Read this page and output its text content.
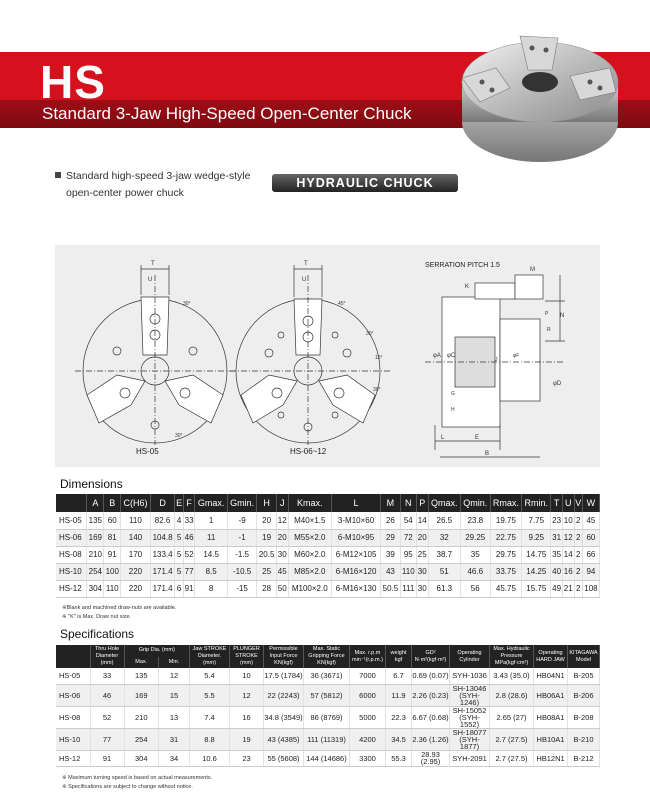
HS
Standard 3-Jaw High-Speed Open-Center Chuck
Standard high-speed 3-jaw wedge-style
open-center power chuck
HYDRAULIC CHUCK
T
U
30°
30°
T
U
45°
30°
15°
30°
K
M
N
P
R
J
G
H
L	E
B
φA φC
φD
φF
SERRATION PITCH 1.5
HS-05	HS-06~12
Dimensions
	A	B	C(H6)	D	E	F	Gmax.	Gmin.	H	J	Kmax.	L	M	N	P	Qmax.	Qmin.	Rmax.	Rmin.	T	U	V	W
HS-05	135	60	110	82.6	4	33	1	-9	20	12	M40×1.5	3-M10×60	26	54	14	26.5	23.8	19.75	7.75	23	10	2	45
HS-06	169	81	140	104.8	5	46	11	-1	19	20	M55×2.0	6-M10×95	29	72	20	32	29.25	22.75	9.25	31	12	2	60
HS-08	210	91	170	133.4	5	52	14.5	-1.5	20.5	30	M60×2.0	6-M12×105	39	95	25	38.7	35	29.75	14.75	35	14	2	66
HS-10	254	100	220	171.4	5	77	8.5	-10.5	25	45	M85×2.0	6-M16×120	43	110	30	51	46.6	33.75	14.25	40	16	2	94
HS-12	304	110	220	171.4	6	91	8	-15	28	50	M100×2.0	6-M16×130	50.5	111	30	61.3	56	45.75	15.75	49	21	2	108
※Blank and machined draw-nuts are available.
※ "K" is Max. Draw nut size.
Specifications
	Thru Hole Diameter (mm)	Grip Dia. (mm)		Jaw STROKE Diameter. (mm)	PLUNGER STROKE (mm)	Permissible Input Force KN(kgf)	Max. Static Gripping Force KN(kgf)	Max. r.p.m min⁻¹(r.p.m.)	weight kgf	GD² N·m²(kgf·m²)	Operating Cylinder	Max. Hydraulic Pressure MPa(kgf·cm²)	Operating HARD JAW	KITAGAWA Model
		Max.	Min.											
HS-05	33	135	12	5.4	10	17.5 (1784)	36 (3671)	7000	6.7	0.69 (0.07)	SYH-1036	3.43 (35.0)	HB04N1	B-205
HS-06	46	169	15	5.5	12	22 (2243)	57 (5812)	6000	11.9	2.26 (0.23)	SH-13046 (SYH-1246)	2.8 (28.6)	HB06A1	B-206
HS-08	52	210	13	7.4	16	34.8 (3549)	86 (8769)	5000	22.3	6.67 (0.68)	SH-15052 (SYH-1552)	2.65 (27)	HB08A1	B-208
HS-10	77	254	31	8.8	19	43 (4385)	111 (11319)	4200	34.5	2.36 (1.26)	SH-18077 (SYH-1877)	2.7 (27.5)	HB10A1	B-210
HS-12	91	304	34	10.6	23	55 (5608)	144 (14686)	3300	55.3	28.93 (2.95)	SYH-2091	2.7 (27.5)	HB12N1	B-212
※ Maximum turning speed is based on actual measurements.
※ Specifications are subject to change without notice.
